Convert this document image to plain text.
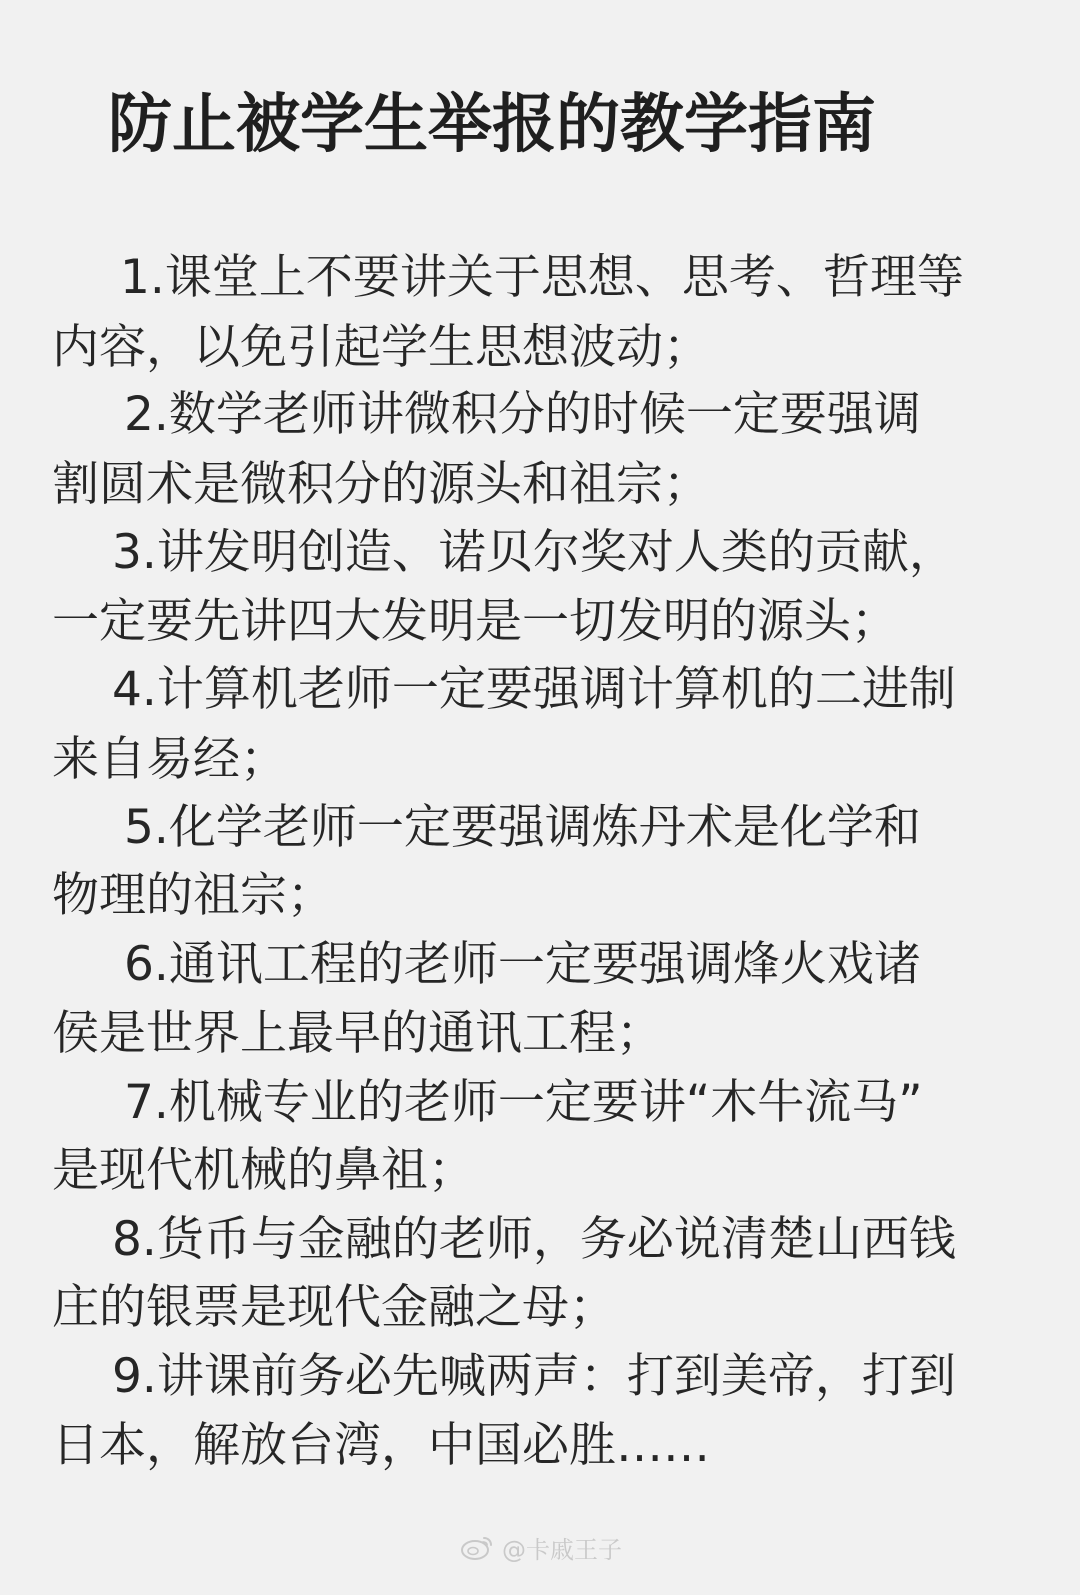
防止被学生举报的教学指南
1.课堂上不要讲关于思想、思考、哲理等
内容，以免引起学生思想波动；
2.数学老师讲微积分的时候一定要强调
割圆术是微积分的源头和祖宗；
3.讲发明创造、诺贝尔奖对人类的贡献，
一定要先讲四大发明是一切发明的源头；
4.计算机老师一定要强调计算机的二进制
来自易经；
5.化学老师一定要强调炼丹术是化学和
物理的祖宗；
6.通讯工程的老师一定要强调烽火戏诸
侯是世界上最早的通讯工程；
7.机械专业的老师一定要讲“木牛流马”
是现代机械的鼻祖；
8.货币与金融的老师，务必说清楚山西钱
庄的银票是现代金融之母；
9.讲课前务必先喊两声：打到美帝，打到
日本，解放台湾，中国必胜……
@卡戚王子
